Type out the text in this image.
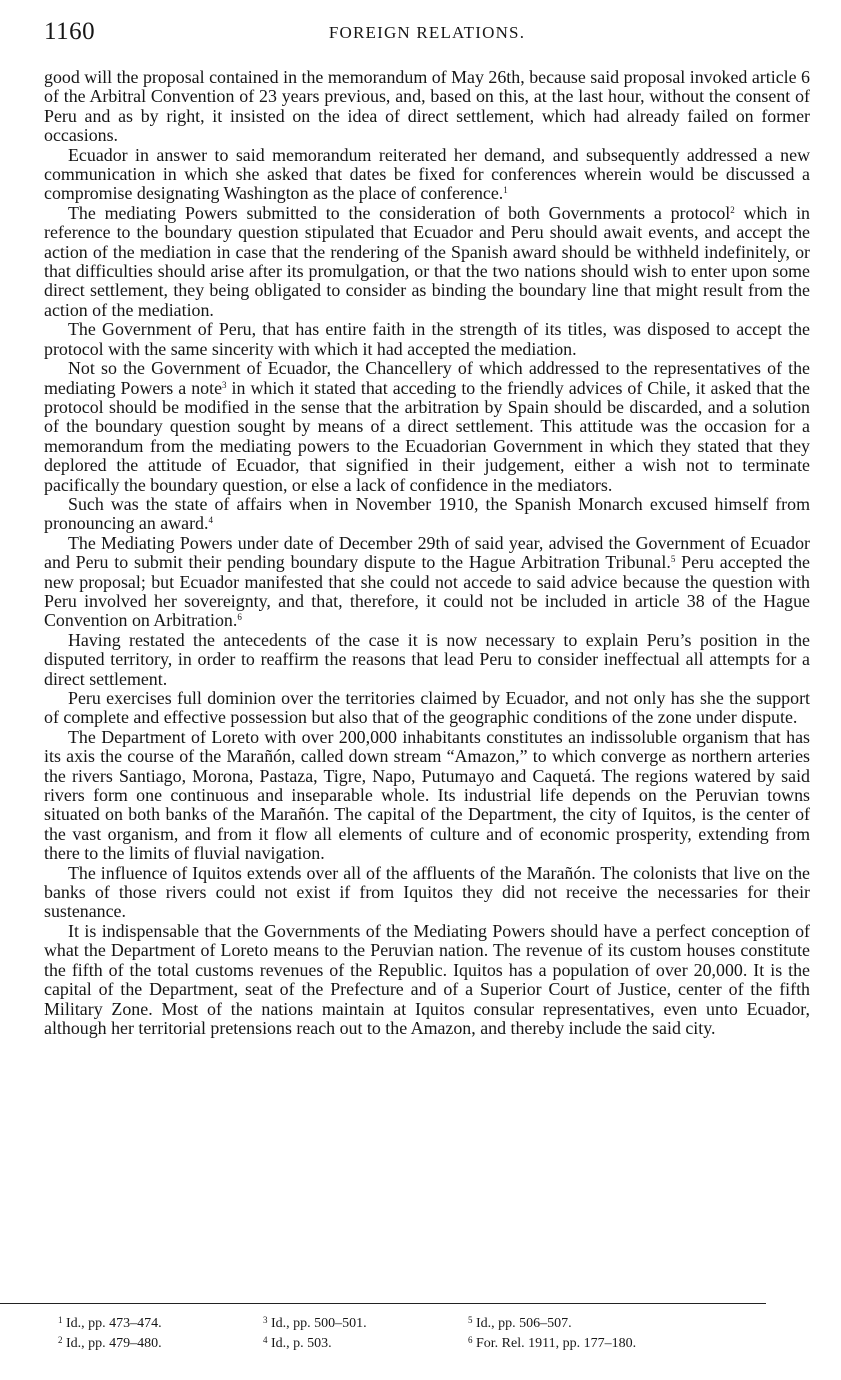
1160	FOREIGN RELATIONS.

good will the proposal contained in the memorandum of May 26th, because said proposal invoked article 6 of the Arbitral Convention of 23 years previous, and, based on this, at the last hour, without the consent of Peru and as by right, it insisted on the idea of direct settlement, which had already failed on former occasions.

Ecuador in answer to said memorandum reiterated her demand, and subsequently addressed a new communication in which she asked that dates be fixed for conferences wherein would be discussed a compromise designating Washington as the place of conference.$^1$

The mediating Powers submitted to the consideration of both Governments a protocol$^2$ which in reference to the boundary question stipulated that Ecuador and Peru should await events, and accept the action of the mediation in case that the rendering of the Spanish award should be withheld indefinitely, or that difficulties should arise after its promulgation, or that the two nations should wish to enter upon some direct settlement, they being obligated to consider as binding the boundary line that might result from the action of the mediation.

The Government of Peru, that has entire faith in the strength of its titles, was disposed to accept the protocol with the same sincerity with which it had accepted the mediation.

Not so the Government of Ecuador, the Chancellery of which addressed to the representatives of the mediating Powers a note$^3$ in which it stated that acceding to the friendly advices of Chile, it asked that the protocol should be modified in the sense that the arbitration by Spain should be discarded, and a solution of the boundary question sought by means of a direct settlement. This attitude was the occasion for a memorandum from the mediating powers to the Ecuadorian Government in which they stated that they deplored the attitude of Ecuador, that signified in their judgement, either a wish not to terminate pacifically the boundary question, or else a lack of confidence in the mediators.

Such was the state of affairs when in November 1910, the Spanish Monarch excused himself from pronouncing an award.$^4$

The Mediating Powers under date of December 29th of said year, advised the Government of Ecuador and Peru to submit their pending boundary dispute to the Hague Arbitration Tribunal.$^5$ Peru accepted the new proposal; but Ecuador manifested that she could not accede to said advice because the question with Peru involved her sovereignty, and that, therefore, it could not be included in article 38 of the Hague Convention on Arbitration.$^6$

Having restated the antecedents of the case it is now necessary to explain Peru’s position in the disputed territory, in order to reaffirm the reasons that lead Peru to consider ineffectual all attempts for a direct settlement.

Peru exercises full dominion over the territories claimed by Ecuador, and not only has she the support of complete and effective possession but also that of the geographic conditions of the zone under dispute.

The Department of Loreto with over 200,000 inhabitants constitutes an indissoluble organism that has its axis the course of the Marañón, called down stream “Amazon,” to which converge as northern arteries the rivers Santiago, Morona, Pastaza, Tigre, Napo, Putumayo and Caquetá. The regions watered by said rivers form one continuous and inseparable whole. Its industrial life depends on the Peruvian towns situated on both banks of the Marañón. The capital of the Department, the city of Iquitos, is the center of the vast organism, and from it flow all elements of culture and of economic prosperity, extending from there to the limits of fluvial navigation.

The influence of Iquitos extends over all of the affluents of the Marañón. The colonists that live on the banks of those rivers could not exist if from Iquitos they did not receive the necessaries for their sustenance.

It is indispensable that the Governments of the Mediating Powers should have a perfect conception of what the Department of Loreto means to the Peruvian nation. The revenue of its custom houses constitute the fifth of the total customs revenues of the Republic. Iquitos has a population of over 20,000. It is the capital of the Department, seat of the Prefecture and of a Superior Court of Justice, center of the fifth Military Zone. Most of the nations maintain at Iquitos consular representatives, even unto Ecuador, although her territorial pretensions reach out to the Amazon, and thereby include the said city.

$^1$ Id., pp. 473–474.	$^3$ Id., pp. 500–501.	$^5$ Id., pp. 506–507.
$^2$ Id., pp. 479–480.	$^4$ Id., p. 503.	$^6$ For. Rel. 1911, pp. 177–180.
